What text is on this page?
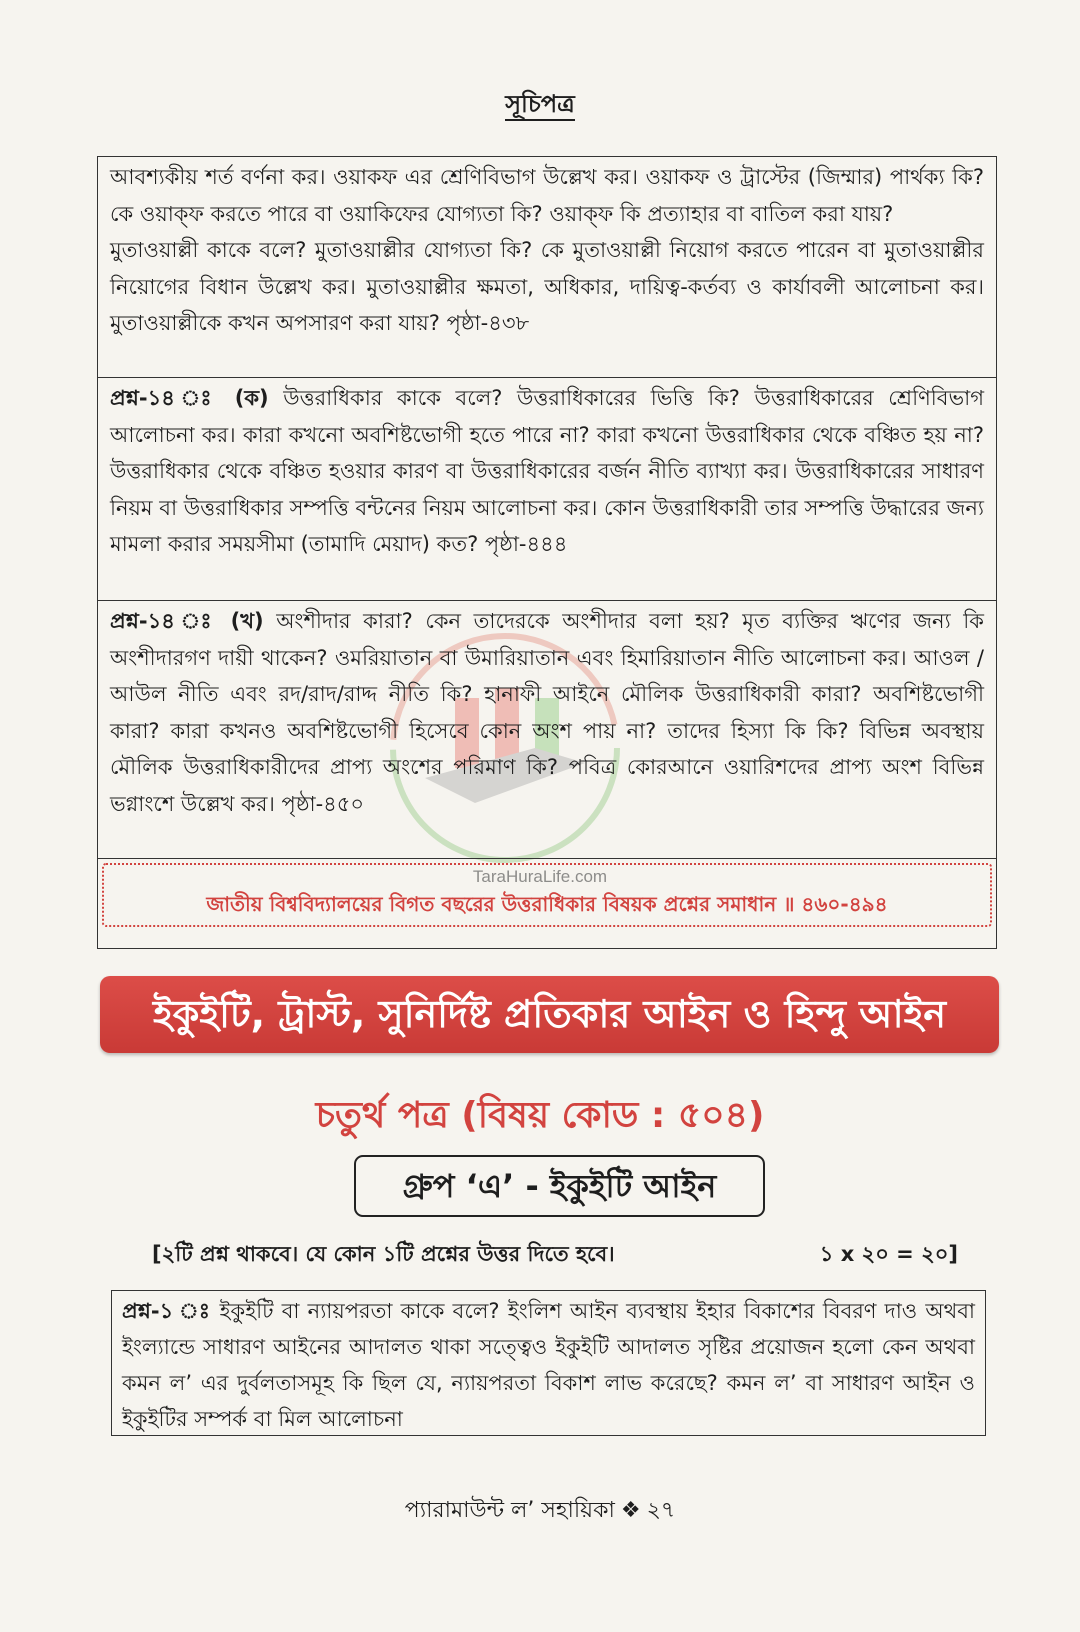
সূচিপত্র

আবশ্যকীয় শর্ত বর্ণনা কর। ওয়াকফ এর শ্রেণিবিভাগ উল্লেখ কর। ওয়াকফ ও ট্রাস্টের (জিম্মার) পার্থক্য কি? কে ওয়াক্‌ফ করতে পারে বা ওয়াকিফের যোগ্যতা কি? ওয়াক্‌ফ কি প্রত্যাহার বা বাতিল করা যায়?

মুতাওয়াল্লী কাকে বলে? মুতাওয়াল্লীর যোগ্যতা কি? কে মুতাওয়াল্লী নিয়োগ করতে পারেন বা মুতাওয়াল্লীর নিয়োগের বিধান উল্লেখ কর। মুতাওয়াল্লীর ক্ষমতা, অধিকার, দায়িত্ব-কর্তব্য ও কার্যাবলী আলোচনা কর। মুতাওয়াল্লীকে কখন অপসারণ করা যায়? পৃষ্ঠা-৪৩৮

প্রশ্ন-১৪ ঃ (ক) উত্তরাধিকার কাকে বলে? উত্তরাধিকারের ভিত্তি কি? উত্তরাধিকারের শ্রেণিবিভাগ আলোচনা কর। কারা কখনো অবশিষ্টভোগী হতে পারে না? কারা কখনো উত্তরাধিকার থেকে বঞ্চিত হয় না? উত্তরাধিকার থেকে বঞ্চিত হওয়ার কারণ বা উত্তরাধিকারের বর্জন নীতি ব্যাখ্যা কর। উত্তরাধিকারের সাধারণ নিয়ম বা উত্তরাধিকার সম্পত্তি বন্টনের নিয়ম আলোচনা কর। কোন উত্তরাধিকারী তার সম্পত্তি উদ্ধারের জন্য মামলা করার সময়সীমা (তামাদি মেয়াদ) কত? পৃষ্ঠা-৪৪৪

প্রশ্ন-১৪ ঃ (খ) অংশীদার কারা? কেন তাদেরকে অংশীদার বলা হয়? মৃত ব্যক্তির ঋণের জন্য কি অংশীদারগণ দায়ী থাকেন? ওমরিয়াতান বা উমারিয়াতান এবং হিমারিয়াতান নীতি আলোচনা কর। আওল / আউল নীতি এবং রদ/রাদ/রাদ্দ নীতি কি? হানাফী আইনে মৌলিক উত্তরাধিকারী কারা? অবশিষ্টভোগী কারা? কারা কখনও অবশিষ্টভোগী হিসেবে কোন অংশ পায় না? তাদের হিস্যা কি কি? বিভিন্ন অবস্থায় মৌলিক উত্তরাধিকারীদের প্রাপ্য অংশের পরিমাণ কি? পবিত্র কোরআনে ওয়ারিশদের প্রাপ্য অংশ বিভিন্ন ভগ্নাংশে উল্লেখ কর। পৃষ্ঠা-৪৫০

জাতীয় বিশ্ববিদ্যালয়ের বিগত বছরের উত্তরাধিকার বিষয়ক প্রশ্নের সমাধান ॥ ৪৬০-৪৯৪
TaraHuraLife.com
ইকুইটি, ট্রাস্ট, সুনির্দিষ্ট প্রতিকার আইন ও হিন্দু আইন
চতুর্থ পত্র (বিষয় কোড : ৫০৪)
গ্রুপ ‘এ’ - ইকুইটি আইন
[২টি প্রশ্ন থাকবে। যে কোন ১টি প্রশ্নের উত্তর দিতে হবে।	১ x ২০ = ২০]

প্রশ্ন-১ ঃ ইকুইটি বা ন্যায়পরতা কাকে বলে? ইংলিশ আইন ব্যবস্থায় ইহার বিকাশের বিবরণ দাও অথবা ইংল্যান্ডে সাধারণ আইনের আদালত থাকা সত্ত্বেও ইকুইটি আদালত সৃষ্টির প্রয়োজন হলো কেন অথবা কমন ল’ এর দুর্বলতাসমূহ কি ছিল যে, ন্যায়পরতা বিকাশ লাভ করেছে? কমন ল’ বা সাধারণ আইন ও ইকুইটির সম্পর্ক বা মিল আলোচনা

প্যারামাউন্ট ল’ সহায়িকা ❖ ২৭
